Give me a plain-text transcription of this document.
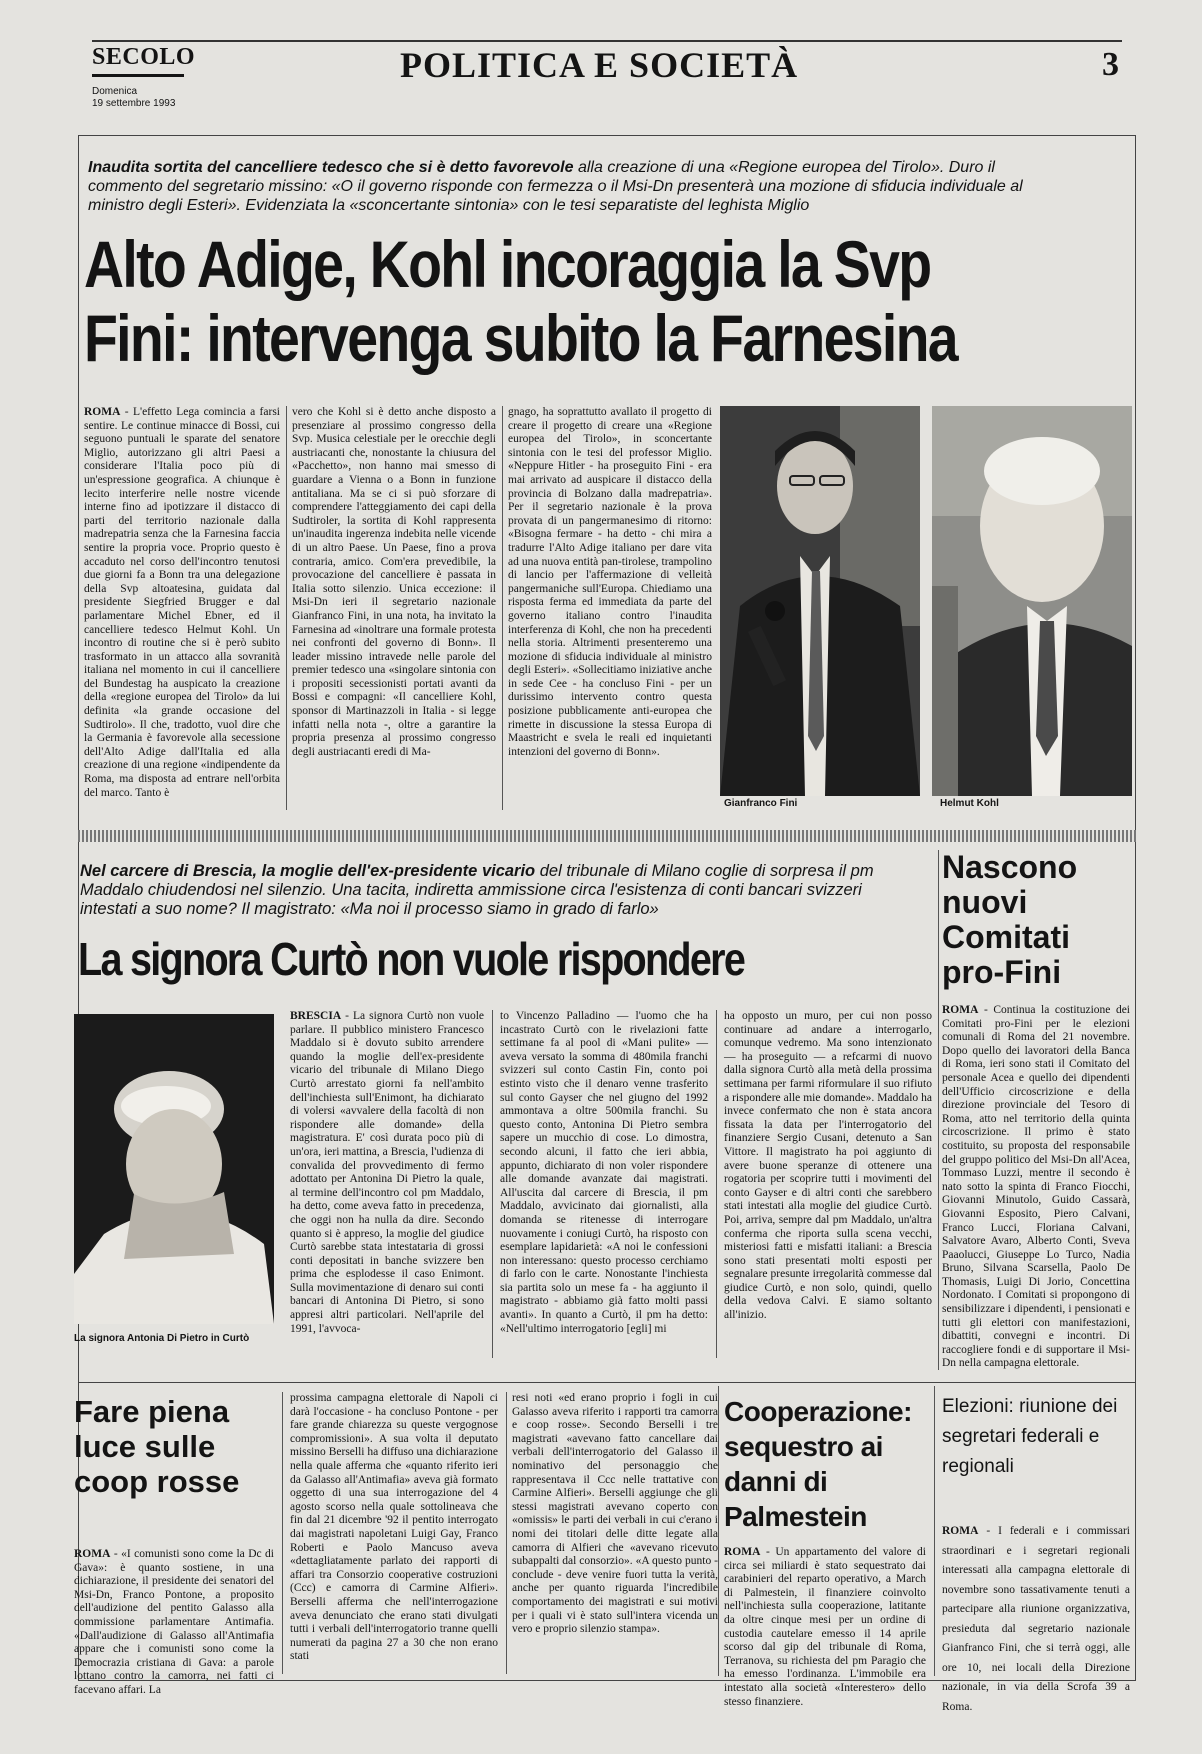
SECOLO
Domenica
19 settembre 1993
POLITICA E SOCIETÀ	3
Inaudita sortita del cancelliere tedesco che si è detto favorevole alla creazione di una «Regione europea del Tirolo». Duro il commento del segretario missino: «O il governo risponde con fermezza o il Msi-Dn presenterà una mozione di sfiducia individuale al ministro degli Esteri». Evidenziata la «sconcertante sintonia» con le tesi separatiste del leghista Miglio
Alto Adige, Kohl incoraggia la Svp
Fini: intervenga subito la Farnesina
ROMA - L'effetto Lega comincia a farsi sentire. Le continue minacce di Bossi, cui seguono puntuali le sparate del senatore Miglio, autorizzano gli altri Paesi a considerare l'Italia poco più di un'espressione geografica. A chiunque è lecito interferire nelle nostre vicende interne fino ad ipotizzare il distacco di parti del territorio nazionale dalla madrepatria senza che la Farnesina faccia sentire la propria voce. Proprio questo è accaduto nel corso dell'incontro tenutosi due giorni fa a Bonn tra una delegazione della Svp altoatesina, guidata dal presidente Siegfried Brugger e dal parlamentare Michel Ebner, ed il cancelliere tedesco Helmut Kohl. Un incontro di routine che si è però subito trasformato in un attacco alla sovranità italiana nel momento in cui il cancelliere del Bundestag ha auspicato la creazione della «regione europea del Tirolo» da lui definita «la grande occasione del Sudtirolo». Il che, tradotto, vuol dire che la Germania è favorevole alla secessione dell'Alto Adige dall'Italia ed alla creazione di una regione «indipendente da Roma, ma disposta ad entrare nell'orbita del marco. Tanto è
vero che Kohl si è detto anche disposto a presenziare al prossimo congresso della Svp. Musica celestiale per le orecchie degli austriacanti che, nonostante la chiusura del «Pacchetto», non hanno mai smesso di guardare a Vienna o a Bonn in funzione antitaliana. Ma se ci si può sforzare di comprendere l'atteggiamento dei capi della Sudtiroler, la sortita di Kohl rappresenta un'inaudita ingerenza indebita nelle vicende di un altro Paese. Un Paese, fino a prova contraria, amico. Com'era prevedibile, la provocazione del cancelliere è passata in Italia sotto silenzio. Unica eccezione: il Msi-Dn ieri il segretario nazionale Gianfranco Fini, in una nota, ha invitato la Farnesina ad «inoltrare una formale protesta nei confronti del governo di Bonn». Il leader missino intravede nelle parole del premier tedesco una «singolare sintonia con i propositi secessionisti portati avanti da Bossi e compagni: «Il cancelliere Kohl, sponsor di Martinazzoli in Italia - si legge infatti nella nota -, oltre a garantire la propria presenza al prossimo congresso degli austriacanti eredi di Ma-
gnago, ha soprattutto avallato il progetto di creare il progetto di creare una «Regione europea del Tirolo», in sconcertante sintonia con le tesi del professor Miglio. «Neppure Hitler - ha proseguito Fini - era mai arrivato ad auspicare il distacco della provincia di Bolzano dalla madrepatria». Per il segretario nazionale è la prova provata di un pangermanesimo di ritorno: «Bisogna fermare - ha detto - chi mira a tradurre l'Alto Adige italiano per dare vita ad una nuova entità pan-tirolese, trampolino di lancio per l'affermazione di velleità pangermaniche sull'Europa. Chiediamo una risposta ferma ed immediata da parte del governo italiano contro l'inaudita interferenza di Kohl, che non ha precedenti nella storia. Altrimenti presenteremo una mozione di sfiducia individuale al ministro degli Esteri». «Sollecitiamo iniziative anche in sede Cee - ha concluso Fini - per un durissimo intervento contro questa posizione pubblicamente anti-europea che rimette in discussione la stessa Europa di Maastricht e svela le reali ed inquietanti intenzioni del governo di Bonn».
Gianfranco Fini	Helmut Kohl
Nel carcere di Brescia, la moglie dell'ex-presidente vicario del tribunale di Milano coglie di sorpresa il pm Maddalo chiudendosi nel silenzio. Una tacita, indiretta ammissione circa l'esistenza di conti bancari svizzeri intestati a suo nome? Il magistrato: «Ma noi il processo siamo in grado di farlo»
La signora Curtò non vuole rispondere
La signora Antonia Di Pietro in Curtò
BRESCIA - La signora Curtò non vuole parlare. Il pubblico ministero Francesco Maddalo si è dovuto subito arrendere quando la moglie dell'ex-presidente vicario del tribunale di Milano Diego Curtò arrestato giorni fa nell'ambito dell'inchiesta sull'Enimont, ha dichiarato di volersi «avvalere della facoltà di non rispondere alle domande» della magistratura. E' così durata poco più di un'ora, ieri mattina, a Brescia, l'udienza di convalida del provvedimento di fermo adottato per Antonina Di Pietro la quale, al termine dell'incontro col pm Maddalo, ha detto, come aveva fatto in precedenza, che oggi non ha nulla da dire. Secondo quanto si è appreso, la moglie del giudice Curtò sarebbe stata intestataria di grossi conti depositati in banche svizzere ben prima che esplodesse il caso Enimont. Sulla movimentazione di denaro sui conti bancari di Antonina Di Pietro, si sono appresi altri particolari. Nell'aprile del 1991, l'avvoca-
to Vincenzo Palladino — l'uomo che ha incastrato Curtò con le rivelazioni fatte settimane fa al pool di «Mani pulite» — aveva versato la somma di 480mila franchi svizzeri sul conto Castin Fin, conto poi estinto visto che il denaro venne trasferito sul conto Gayser che nel giugno del 1992 ammontava a oltre 500mila franchi. Su questo conto, Antonina Di Pietro sembra sapere un mucchio di cose. Lo dimostra, secondo alcuni, il fatto che ieri abbia, appunto, dichiarato di non voler rispondere alle domande avanzate dai magistrati. All'uscita dal carcere di Brescia, il pm Maddalo, avvicinato dai giornalisti, alla domanda se ritenesse di interrogare nuovamente i coniugi Curtò, ha risposto con esemplare lapidarietà: «A noi le confessioni non interessano: questo processo cerchiamo di farlo con le carte. Nonostante l'inchiesta sia partita solo un mese fa - ha aggiunto il magistrato - abbiamo già fatto molti passi avanti». In quanto a Curtò, il pm ha detto: «Nell'ultimo interrogatorio [egli] mi
ha opposto un muro, per cui non posso continuare ad andare a interrogarlo, comunque vedremo. Ma sono intenzionato — ha proseguito — a refcarmi di nuovo dalla signora Curtò alla metà della prossima settimana per farmi riformulare il suo rifiuto a rispondere alle mie domande». Maddalo ha invece confermato che non è stata ancora fissata la data per l'interrogatorio del finanziere Sergio Cusani, detenuto a San Vittore. Il magistrato ha poi aggiunto di avere buone speranze di ottenere una rogatoria per scoprire tutti i movimenti del conto Gayser e di altri conti che sarebbero stati intestati alla moglie del giudice Curtò. Poi, arriva, sempre dal pm Maddalo, un'altra conferma che riporta sulla scena vecchi, misteriosi fatti e misfatti italiani: a Brescia sono stati presentati molti esposti per segnalare presunte irregolarità commesse dal giudice Curtò, e non solo, quindi, quello della vedova Calvi. E siamo soltanto all'inizio.
Nascono nuovi Comitati pro-Fini
ROMA - Continua la costituzione dei Comitati pro-Fini per le elezioni comunali di Roma del 21 novembre. Dopo quello dei lavoratori della Banca di Roma, ieri sono stati il Comitato del personale Acea e quello dei dipendenti dell'Ufficio circoscrizione e della direzione provinciale del Tesoro di Roma, atto nel territorio della quinta circoscrizione. Il primo è stato costituito, su proposta del responsabile del gruppo politico del Msi-Dn all'Acea, Tommaso Luzzi, mentre il secondo è nato sotto la spinta di Franco Fiocchi, Giovanni Minutolo, Guido Cassarà, Giovanni Esposito, Piero Calvani, Franco Lucci, Floriana Calvani, Salvatore Avaro, Alberto Conti, Sveva Paaolucci, Giuseppe Lo Turco, Nadia Bruno, Silvana Scarsella, Paolo De Thomasis, Luigi Di Jorio, Concettina Nordonato. I Comitati si propongono di sensibilizzare i dipendenti, i pensionati e tutti gli elettori con manifestazioni, dibattiti, convegni e incontri. Di raccogliere fondi e di supportare il Msi-Dn nella campagna elettorale.
Fare piena luce sulle coop rosse
ROMA - «I comunisti sono come la Dc di Gava»: è quanto sostiene, in una dichiarazione, il presidente dei senatori del Msi-Dn, Franco Pontone, a proposito dell'audizione del pentito Galasso alla commissione parlamentare Antimafia. «Dall'audizione di Galasso all'Antimafia appare che i comunisti sono come la Democrazia cristiana di Gava: a parole lottano contro la camorra, nei fatti ci facevano affari. La
prossima campagna elettorale di Napoli ci darà l'occasione - ha concluso Pontone - per fare grande chiarezza su queste vergognose compromissioni». A sua volta il deputato missino Berselli ha diffuso una dichiarazione nella quale afferma che «quanto riferito ieri da Galasso all'Antimafia» aveva già formato oggetto di una sua interrogazione del 4 agosto scorso nella quale sottolineava che fin dal 21 dicembre '92 il pentito interrogato dai magistrati napoletani Luigi Gay, Franco Roberti e Paolo Mancuso aveva «dettagliatamente parlato dei rapporti di affari tra Consorzio cooperative costruzioni (Ccc) e camorra di Carmine Alfieri». Berselli afferma che nell'interrogazione aveva denunciato che erano stati divulgati tutti i verbali dell'interrogatorio tranne quelli numerati da pagina 27 a 30 che non erano stati
resi noti «ed erano proprio i fogli in cui Galasso aveva riferito i rapporti tra camorra e coop rosse». Secondo Berselli i tre magistrati «avevano fatto cancellare dai verbali dell'interrogatorio del Galasso il nominativo del personaggio che rappresentava il Ccc nelle trattative con Carmine Alfieri». Berselli aggiunge che gli stessi magistrati avevano coperto con «omissis» le parti dei verbali in cui c'erano i nomi dei titolari delle ditte legate alla camorra di Alfieri che «avevano ricevuto subappalti dal consorzio». «A questo punto - conclude - deve venire fuori tutta la verità, anche per quanto riguarda l'incredibile comportamento dei magistrati e sui motivi per i quali vi è stato sull'intera vicenda un vero e proprio silenzio stampa».
Cooperazione: sequestro ai danni di Palmestein
ROMA - Un appartamento del valore di circa sei miliardi è stato sequestrato dai carabinieri del reparto operativo, a March di Palmestein, il finanziere coinvolto nell'inchiesta sulla cooperazione, latitante da oltre cinque mesi per un ordine di custodia cautelare emesso il 14 aprile scorso dal gip del tribunale di Roma, Terranova, su richiesta del pm Paragio che ha emesso l'ordinanza. L'immobile era intestato alla società «Interestero» dello stesso finanziere.
Elezioni: riunione dei segretari federali e regionali
ROMA - I federali e i commissari straordinari e i segretari regionali interessati alla campagna elettorale di novembre sono tassativamente tenuti a partecipare alla riunione organizzativa, presieduta dal segretario nazionale Gianfranco Fini, che si terrà oggi, alle ore 10, nei locali della Direzione nazionale, in via della Scrofa 39 a Roma.
